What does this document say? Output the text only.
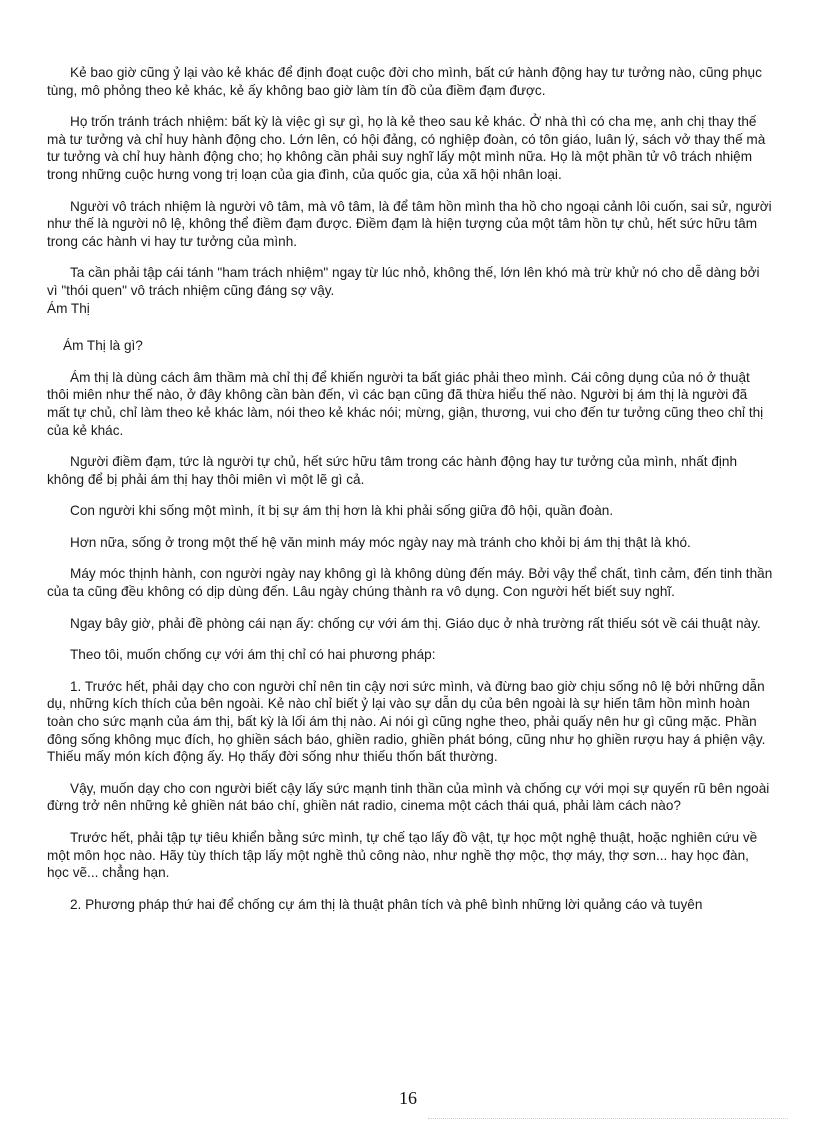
Kẻ bao giờ cũng ỷ lại vào kẻ khác để định đoạt cuộc đời cho mình, bất cứ hành động hay tư tưởng nào, cũng phục tùng, mô phỏng theo kẻ khác, kẻ ấy không bao giờ làm tín đồ của điềm đạm được.

Họ trốn tránh trách nhiệm: bất kỳ là việc gì sự gì, họ là kẻ theo sau kẻ khác. Ở nhà thì có cha mẹ, anh chị thay thế mà tư tưởng và chỉ huy hành động cho. Lớn lên, có hội đảng, có nghiệp đoàn, có tôn giáo, luân lý, sách vở thay thế mà tư tưởng và chỉ huy hành động cho; họ không cần phải suy nghĩ lấy một mình nữa. Họ là một phần tử vô trách nhiệm trong những cuộc hưng vong trị loạn của gia đình, của quốc gia, của xã hội nhân loại.

Người vô trách nhiệm là người vô tâm, mà vô tâm, là để tâm hồn mình tha hồ cho ngoại cảnh lôi cuốn, sai sử, người như thế là người nô lệ, không thể điềm đạm được. Điềm đạm là hiện tượng của một tâm hồn tự chủ, hết sức hữu tâm trong các hành vi hay tư tưởng của mình.

Ta cần phải tập cái tánh "ham trách nhiệm" ngay từ lúc nhỏ, không thế, lớn lên khó mà trừ khử nó cho dễ dàng bởi vì "thói quen" vô trách nhiệm cũng đáng sợ vậy.

Ám Thị

Ám Thị là gì?

Ám thị là dùng cách âm thầm mà chỉ thị để khiến người ta bất giác phải theo mình. Cái công dụng của nó ở thuật thôi miên như thế nào, ở đây không cần bàn đến, vì các bạn cũng đã thừa hiểu thế nào. Người bị ám thị là người đã mất tự chủ, chỉ làm theo kẻ khác làm, nói theo kẻ khác nói; mừng, giận, thương, vui cho đến tư tưởng cũng theo chỉ thị của kẻ khác.

Người điềm đạm, tức là người tự chủ, hết sức hữu tâm trong các hành động hay tư tưởng của mình, nhất định không để bị phải ám thị hay thôi miên vì một lẽ gì cả.

Con người khi sống một mình, ít bị sự ám thị hơn là khi phải sống giữa đô hội, quần đoàn.

Hơn nữa, sống ở trong một thế hệ văn minh máy móc ngày nay mà tránh cho khỏi bị ám thị thật là khó.

Máy móc thịnh hành, con người ngày nay không gì là không dùng đến máy. Bởi vậy thể chất, tình cảm, đến tinh thần của ta cũng đều không có dịp dùng đến. Lâu ngày chúng thành ra vô dụng. Con người hết biết suy nghĩ.

Ngay bây giờ, phải đề phòng cái nạn ấy: chống cự với ám thị. Giáo dục ở nhà trường rất thiếu sót về cái thuật này.

Theo tôi, muốn chống cự với ám thị chỉ có hai phương pháp:

1. Trước hết, phải dạy cho con người chỉ nên tin cậy nơi sức mình, và đừng bao giờ chịu sống nô lệ bởi những dẫn dụ, những kích thích của bên ngoài. Kẻ nào chỉ biết ỷ lại vào sự dẫn dụ của bên ngoài là sự hiến tâm hồn mình hoàn toàn cho sức mạnh của ám thị, bất kỳ là lối ám thị nào. Ai nói gì cũng nghe theo, phải quấy nên hư gì cũng mặc. Phần đông sống không mục đích, họ ghiền sách báo, ghiền radio, ghiền phát bóng, cũng như họ ghiền rượu hay á phiện vậy. Thiếu mấy món kích động ấy. Họ thấy đời sống như thiếu thốn bất thường.

Vậy, muốn dạy cho con người biết cậy lấy sức mạnh tinh thần của mình và chống cự với mọi sự quyến rũ bên ngoài đừng trở nên những kẻ ghiền nát báo chí, ghiền nát radio, cinema một cách thái quá, phải làm cách nào?

Trước hết, phải tập tự tiêu khiển bằng sức mình, tự chế tạo lấy đồ vật, tự học một nghệ thuật, hoặc nghiên cứu về một môn học nào. Hãy tùy thích tập lấy một nghề thủ công nào, như nghề thợ mộc, thợ máy, thợ sơn... hay học đàn, học vẽ... chẳng hạn.

2. Phương pháp thứ hai để chống cự ám thị là thuật phân tích và phê bình những lời quảng cáo và tuyên

16
